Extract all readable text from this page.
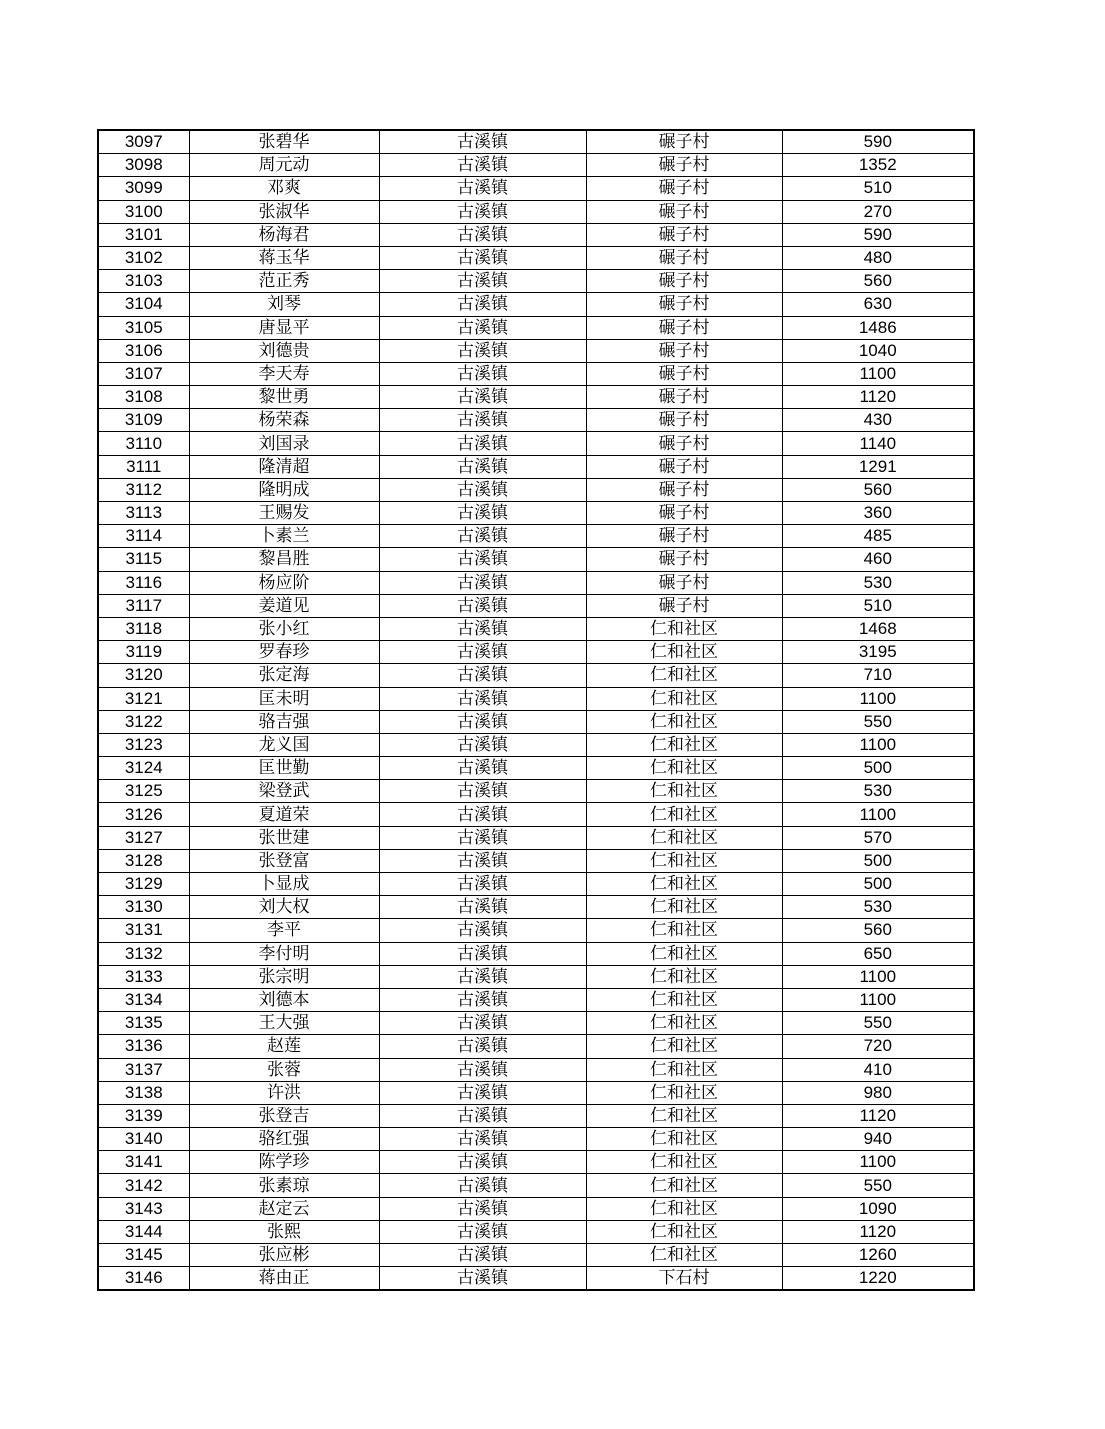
3097	张碧华	古溪镇	碾子村	590
3098	周元动	古溪镇	碾子村	1352
3099	邓爽	古溪镇	碾子村	510
3100	张淑华	古溪镇	碾子村	270
3101	杨海君	古溪镇	碾子村	590
3102	蒋玉华	古溪镇	碾子村	480
3103	范正秀	古溪镇	碾子村	560
3104	刘琴	古溪镇	碾子村	630
3105	唐显平	古溪镇	碾子村	1486
3106	刘德贵	古溪镇	碾子村	1040
3107	李天寿	古溪镇	碾子村	1100
3108	黎世勇	古溪镇	碾子村	1120
3109	杨荣森	古溪镇	碾子村	430
3110	刘国录	古溪镇	碾子村	1140
3111	隆清超	古溪镇	碾子村	1291
3112	隆明成	古溪镇	碾子村	560
3113	王赐发	古溪镇	碾子村	360
3114	卜素兰	古溪镇	碾子村	485
3115	黎昌胜	古溪镇	碾子村	460
3116	杨应阶	古溪镇	碾子村	530
3117	姜道见	古溪镇	碾子村	510
3118	张小红	古溪镇	仁和社区	1468
3119	罗春珍	古溪镇	仁和社区	3195
3120	张定海	古溪镇	仁和社区	710
3121	匡未明	古溪镇	仁和社区	1100
3122	骆吉强	古溪镇	仁和社区	550
3123	龙义国	古溪镇	仁和社区	1100
3124	匡世勤	古溪镇	仁和社区	500
3125	梁登武	古溪镇	仁和社区	530
3126	夏道荣	古溪镇	仁和社区	1100
3127	张世建	古溪镇	仁和社区	570
3128	张登富	古溪镇	仁和社区	500
3129	卜显成	古溪镇	仁和社区	500
3130	刘大权	古溪镇	仁和社区	530
3131	李平	古溪镇	仁和社区	560
3132	李付明	古溪镇	仁和社区	650
3133	张宗明	古溪镇	仁和社区	1100
3134	刘德本	古溪镇	仁和社区	1100
3135	王大强	古溪镇	仁和社区	550
3136	赵莲	古溪镇	仁和社区	720
3137	张蓉	古溪镇	仁和社区	410
3138	许洪	古溪镇	仁和社区	980
3139	张登吉	古溪镇	仁和社区	1120
3140	骆红强	古溪镇	仁和社区	940
3141	陈学珍	古溪镇	仁和社区	1100
3142	张素琼	古溪镇	仁和社区	550
3143	赵定云	古溪镇	仁和社区	1090
3144	张熙	古溪镇	仁和社区	1120
3145	张应彬	古溪镇	仁和社区	1260
3146	蒋由正	古溪镇	下石村	1220
